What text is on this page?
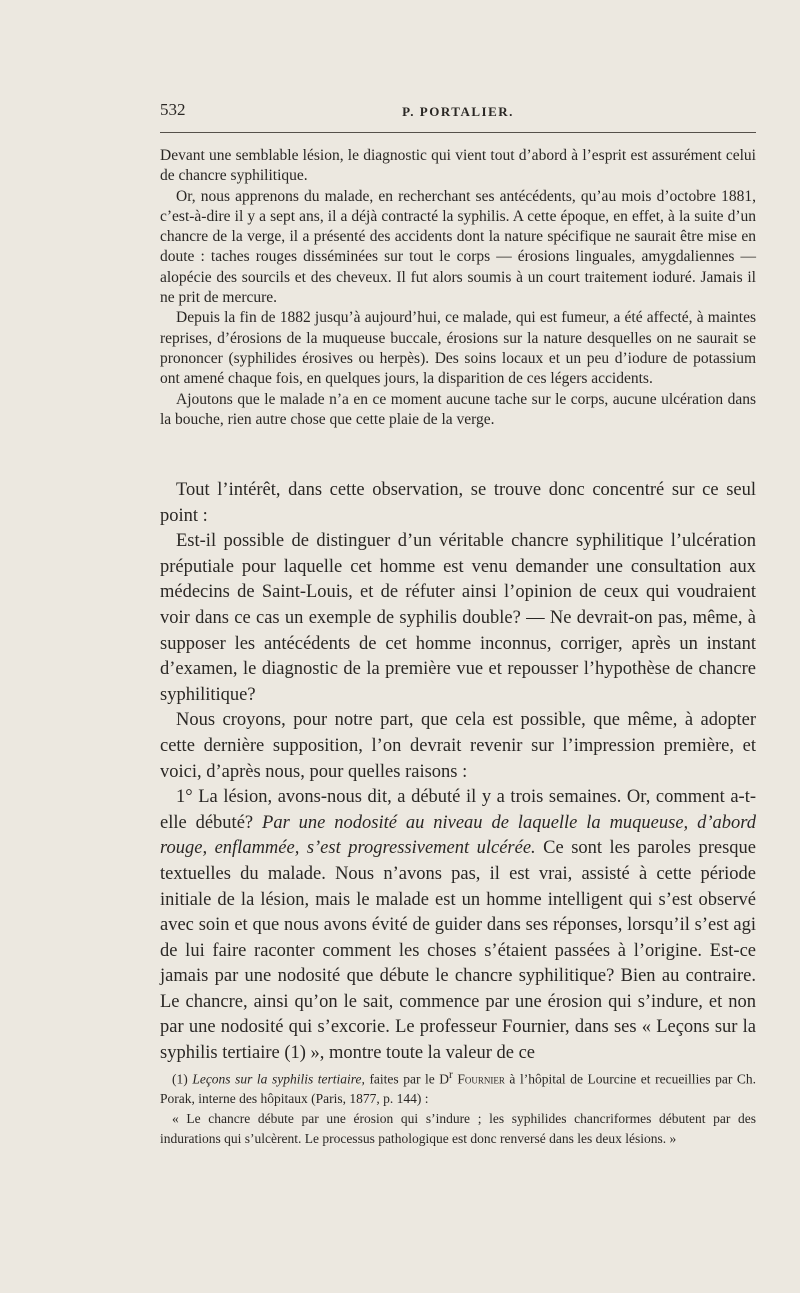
532	P. PORTALIER.

Devant une semblable lésion, le diagnostic qui vient tout d’abord à l’esprit est assurément celui de chancre syphilitique.

Or, nous apprenons du malade, en recherchant ses antécédents, qu’au mois d’octobre 1881, c’est-à-dire il y a sept ans, il a déjà contracté la syphilis. A cette époque, en effet, à la suite d’un chancre de la verge, il a présenté des accidents dont la nature spécifique ne saurait être mise en doute : taches rouges disséminées sur tout le corps — érosions linguales, amygdaliennes — alopécie des sourcils et des cheveux. Il fut alors soumis à un court traitement ioduré. Jamais il ne prit de mercure.

Depuis la fin de 1882 jusqu’à aujourd’hui, ce malade, qui est fumeur, a été affecté, à maintes reprises, d’érosions de la muqueuse buccale, érosions sur la nature desquelles on ne saurait se prononcer (syphilides érosives ou herpès). Des soins locaux et un peu d’iodure de potassium ont amené chaque fois, en quelques jours, la disparition de ces légers accidents.

Ajoutons que le malade n’a en ce moment aucune tache sur le corps, aucune ulcération dans la bouche, rien autre chose que cette plaie de la verge.

Tout l’intérêt, dans cette observation, se trouve donc concentré sur ce seul point :

Est-il possible de distinguer d’un véritable chancre syphilitique l’ulcération préputiale pour laquelle cet homme est venu demander une consultation aux médecins de Saint-Louis, et de réfuter ainsi l’opinion de ceux qui voudraient voir dans ce cas un exemple de syphilis double? — Ne devrait-on pas, même, à supposer les antécédents de cet homme inconnus, corriger, après un instant d’examen, le diagnostic de la première vue et repousser l’hypothèse de chancre syphilitique?

Nous croyons, pour notre part, que cela est possible, que même, à adopter cette dernière supposition, l’on devrait revenir sur l’impression première, et voici, d’après nous, pour quelles raisons :

1° La lésion, avons-nous dit, a débuté il y a trois semaines. Or, comment a-t-elle débuté? Par une nodosité au niveau de laquelle la muqueuse, d’abord rouge, enflammée, s’est progressivement ulcérée. Ce sont les paroles presque textuelles du malade. Nous n’avons pas, il est vrai, assisté à cette période initiale de la lésion, mais le malade est un homme intelligent qui s’est observé avec soin et que nous avons évité de guider dans ses réponses, lorsqu’il s’est agi de lui faire raconter comment les choses s’étaient passées à l’origine. Est-ce jamais par une nodosité que débute le chancre syphilitique? Bien au contraire. Le chancre, ainsi qu’on le sait, commence par une érosion qui s’indure, et non par une nodosité qui s’excorie. Le professeur Fournier, dans ses « Leçons sur la syphilis tertiaire (1) », montre toute la valeur de ce

(1) Leçons sur la syphilis tertiaire, faites par le $D^r$ Fournier à l’hôpital de Lourcine et recueillies par Ch. Porak, interne des hôpitaux (Paris, 1877, p. 144) :

« Le chancre débute par une érosion qui s’indure ; les syphilides chancriformes débutent par des indurations qui s’ulcèrent. Le processus pathologique est donc renversé dans les deux lésions. »
